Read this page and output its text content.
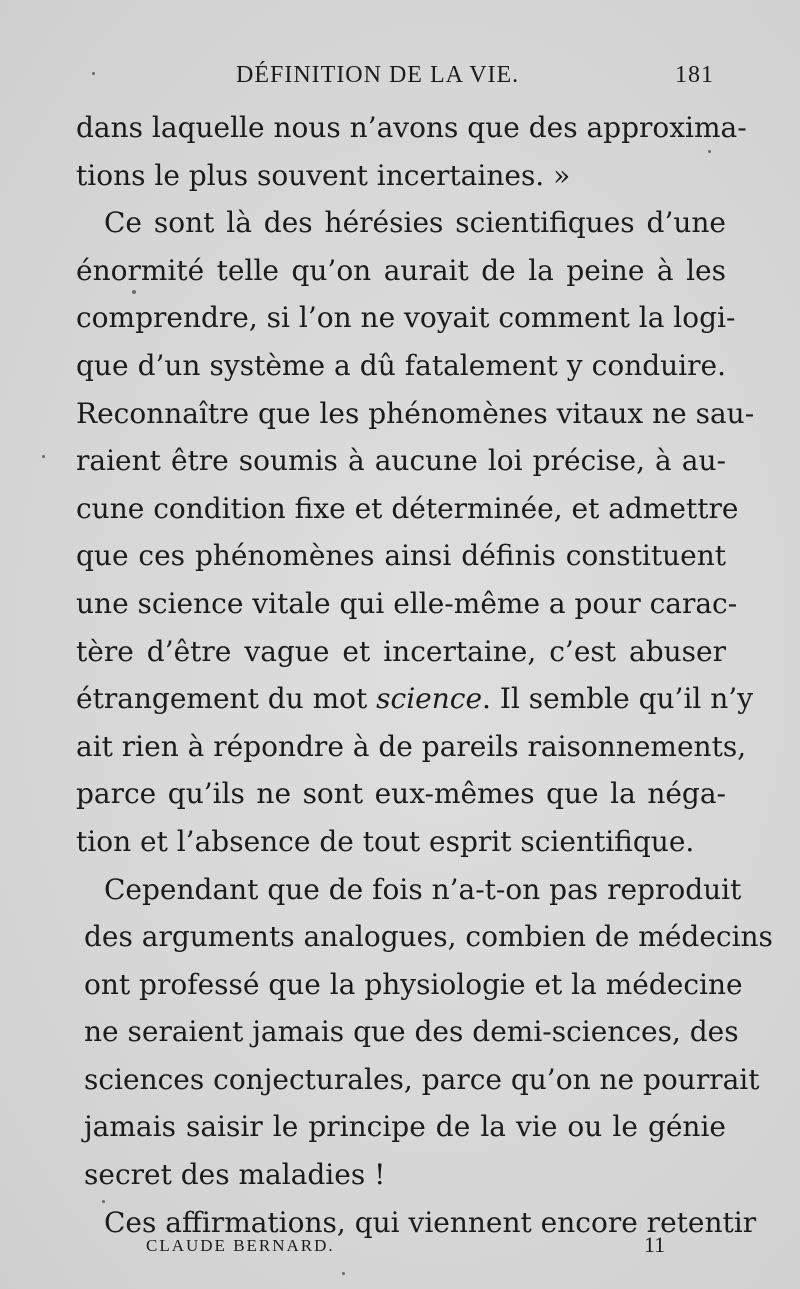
DÉFINITION DE LA VIE.	181
dans laquelle nous n’avons que des approxima-
tions le plus souvent incertaines. »
Ce sont là des hérésies scientifiques d’une
énormité telle qu’on aurait de la peine à les
comprendre, si l’on ne voyait comment la logi-
que d’un système a dû fatalement y conduire.
Reconnaître que les phénomènes vitaux ne sau-
raient être soumis à aucune loi précise, à au-
cune condition fixe et déterminée, et admettre
que ces phénomènes ainsi définis constituent
une science vitale qui elle-même a pour carac-
tère d’être vague et incertaine, c’est abuser
étrangement du mot science. Il semble qu’il n’y
ait rien à répondre à de pareils raisonnements,
parce qu’ils ne sont eux-mêmes que la néga-
tion et l’absence de tout esprit scientifique.
Cependant que de fois n’a-t-on pas reproduit
des arguments analogues, combien de médecins
ont professé que la physiologie et la médecine
ne seraient jamais que des demi-sciences, des
sciences conjecturales, parce qu’on ne pourrait
jamais saisir le principe de la vie ou le génie
secret des maladies !
Ces affirmations, qui viennent encore retentir
CLAUDE BERNARD.	11
